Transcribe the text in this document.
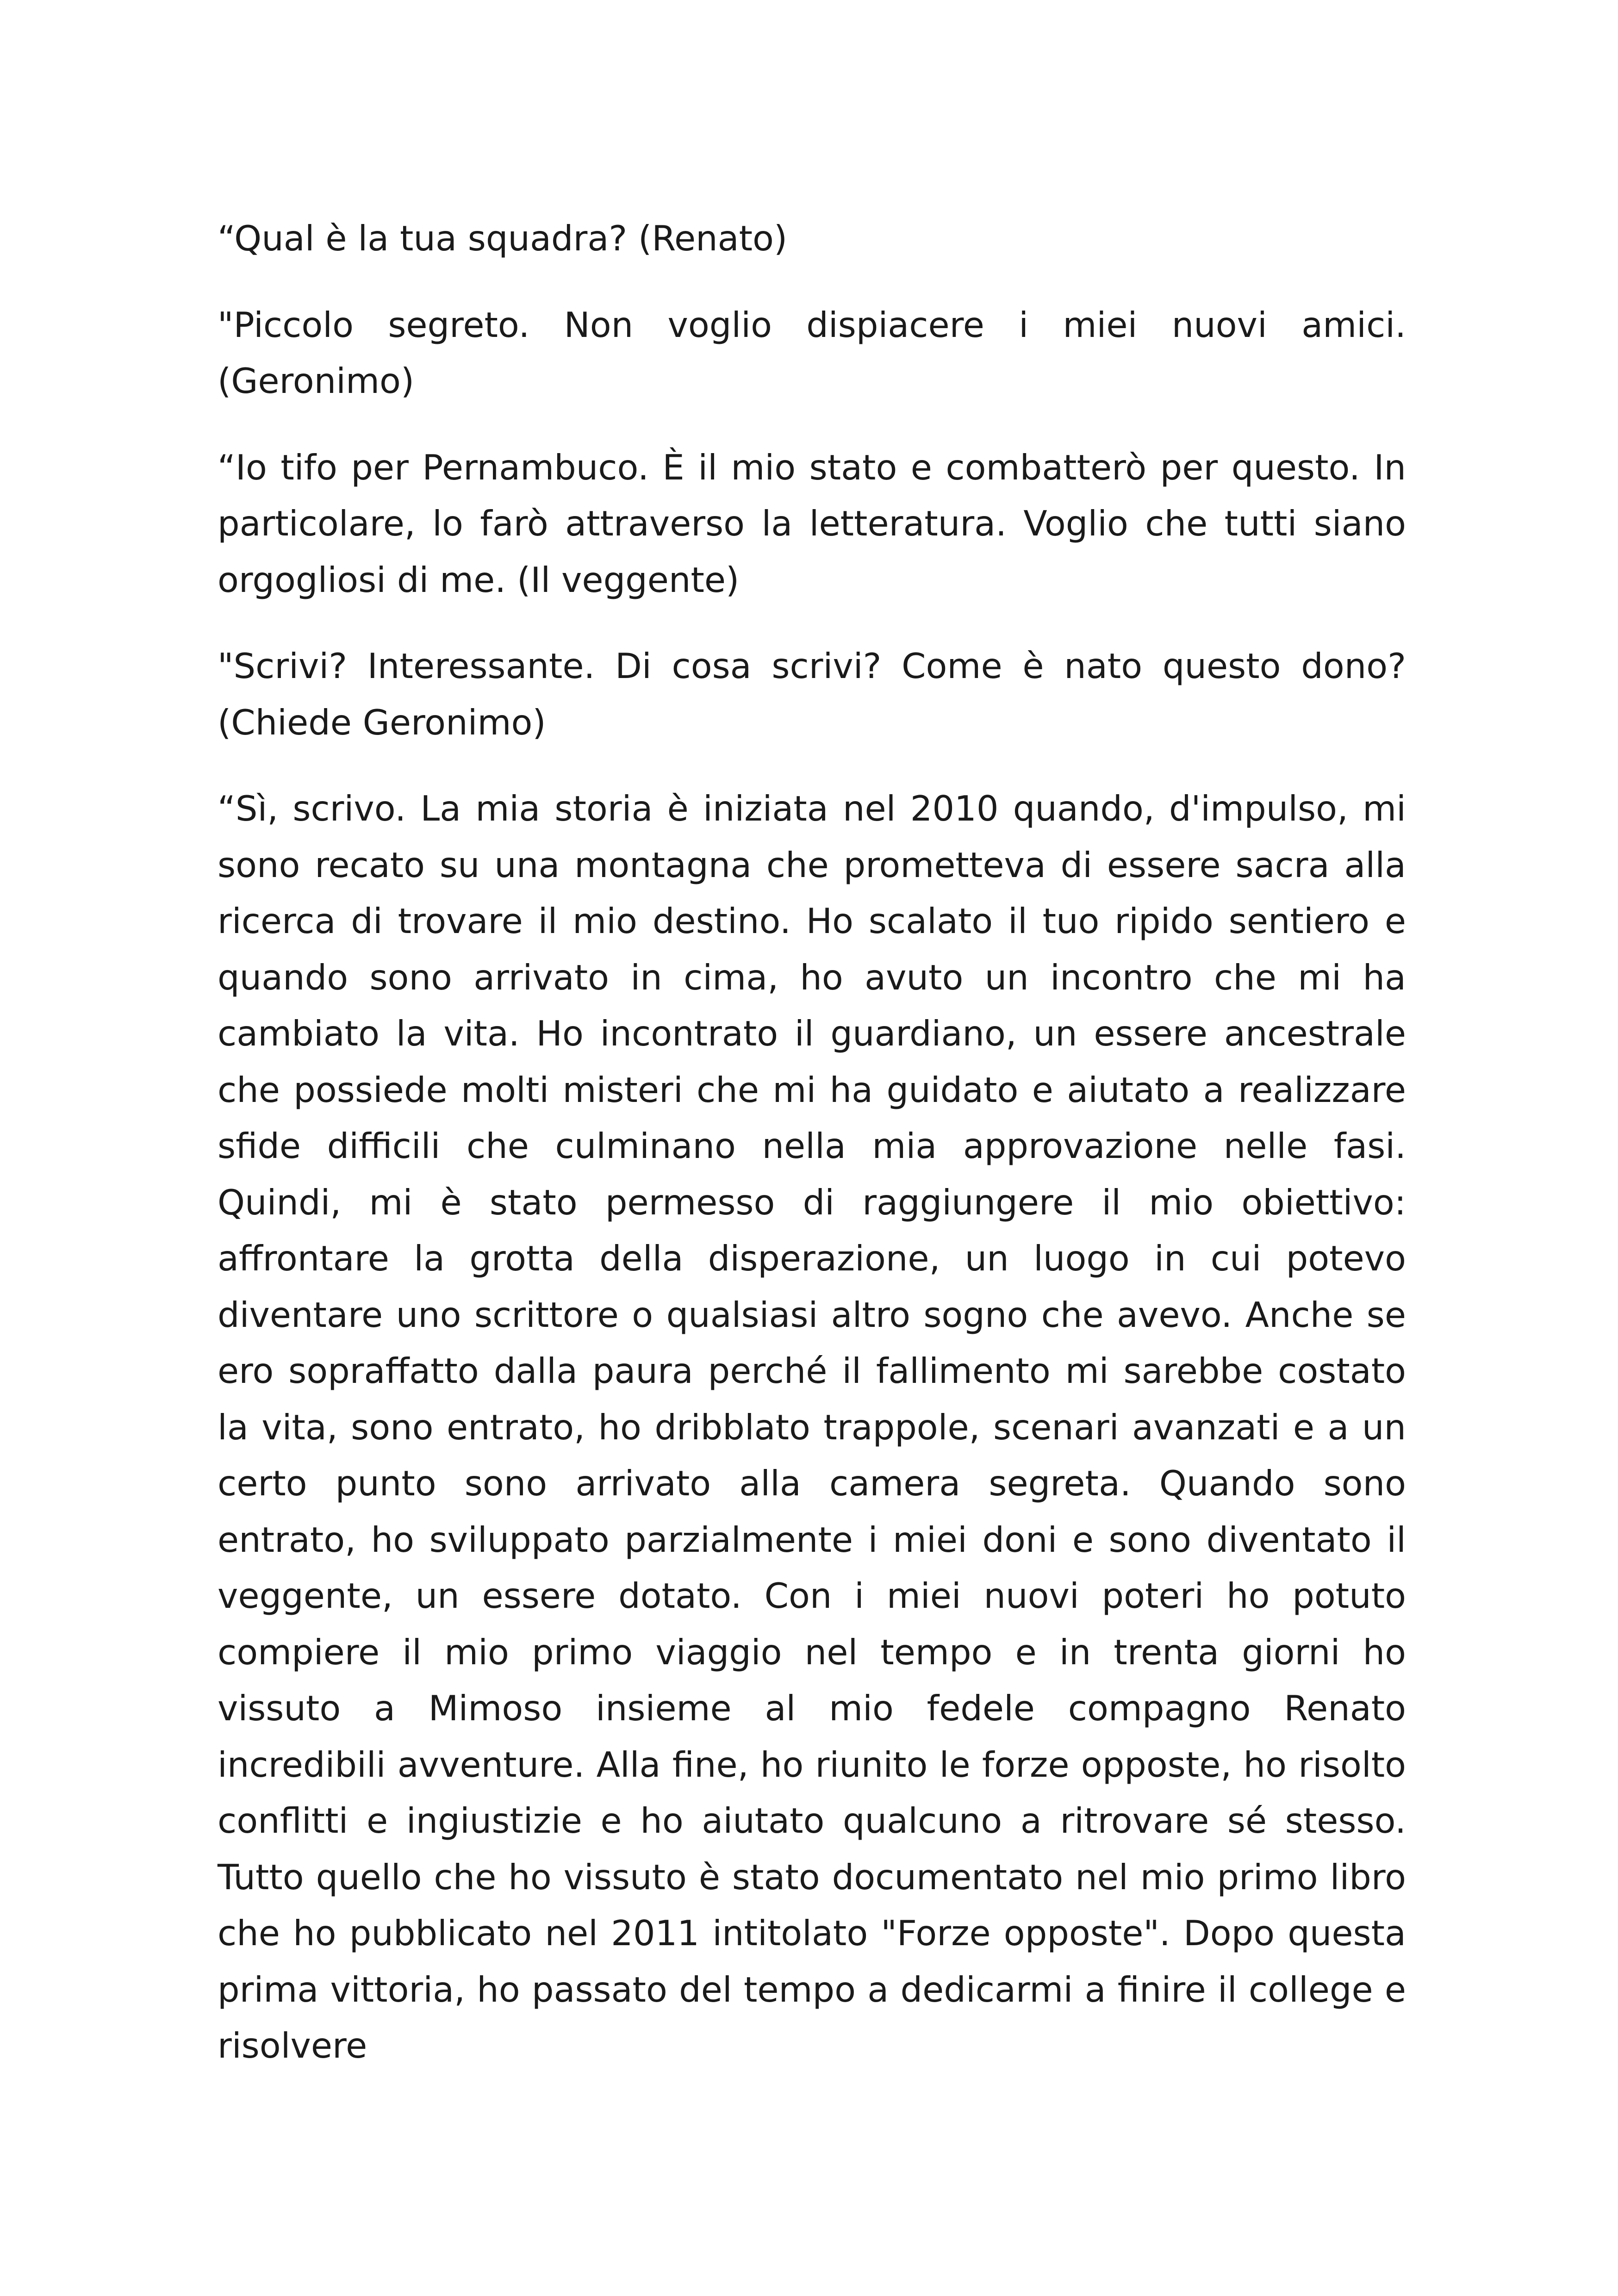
“Qual è la tua squadra? (Renato)

"Piccolo segreto. Non voglio dispiacere i miei nuovi amici. (Geronimo)

“Io tifo per Pernambuco. È il mio stato e combatterò per questo. In particolare, lo farò attraverso la letteratura. Voglio che tutti siano orgogliosi di me. (Il veggente)

"Scrivi? Interessante. Di cosa scrivi? Come è nato questo dono? (Chiede Geronimo)

“Sì, scrivo. La mia storia è iniziata nel 2010 quando, d'impulso, mi sono recato su una montagna che prometteva di essere sacra alla ricerca di trovare il mio destino. Ho scalato il tuo ripido sentiero e quando sono arrivato in cima, ho avuto un incontro che mi ha cambiato la vita. Ho incontrato il guardiano, un essere ancestrale che possiede molti misteri che mi ha guidato e aiutato a realizzare sfide difficili che culminano nella mia approvazione nelle fasi. Quindi, mi è stato permesso di raggiungere il mio obiettivo: affrontare la grotta della disperazione, un luogo in cui potevo diventare uno scrittore o qualsiasi altro sogno che avevo. Anche se ero sopraffatto dalla paura perché il fallimento mi sarebbe costato la vita, sono entrato, ho dribblato trappole, scenari avanzati e a un certo punto sono arrivato alla camera segreta. Quando sono entrato, ho sviluppato parzialmente i miei doni e sono diventato il veggente, un essere dotato. Con i miei nuovi poteri ho potuto compiere il mio primo viaggio nel tempo e in trenta giorni ho vissuto a Mimoso insieme al mio fedele compagno Renato incredibili avventure. Alla fine, ho riunito le forze opposte, ho risolto conflitti e ingiustizie e ho aiutato qualcuno a ritrovare sé stesso. Tutto quello che ho vissuto è stato documentato nel mio primo libro che ho pubblicato nel 2011 intitolato "Forze opposte". Dopo questa prima vittoria, ho passato del tempo a dedicarmi a finire il college e risolvere
